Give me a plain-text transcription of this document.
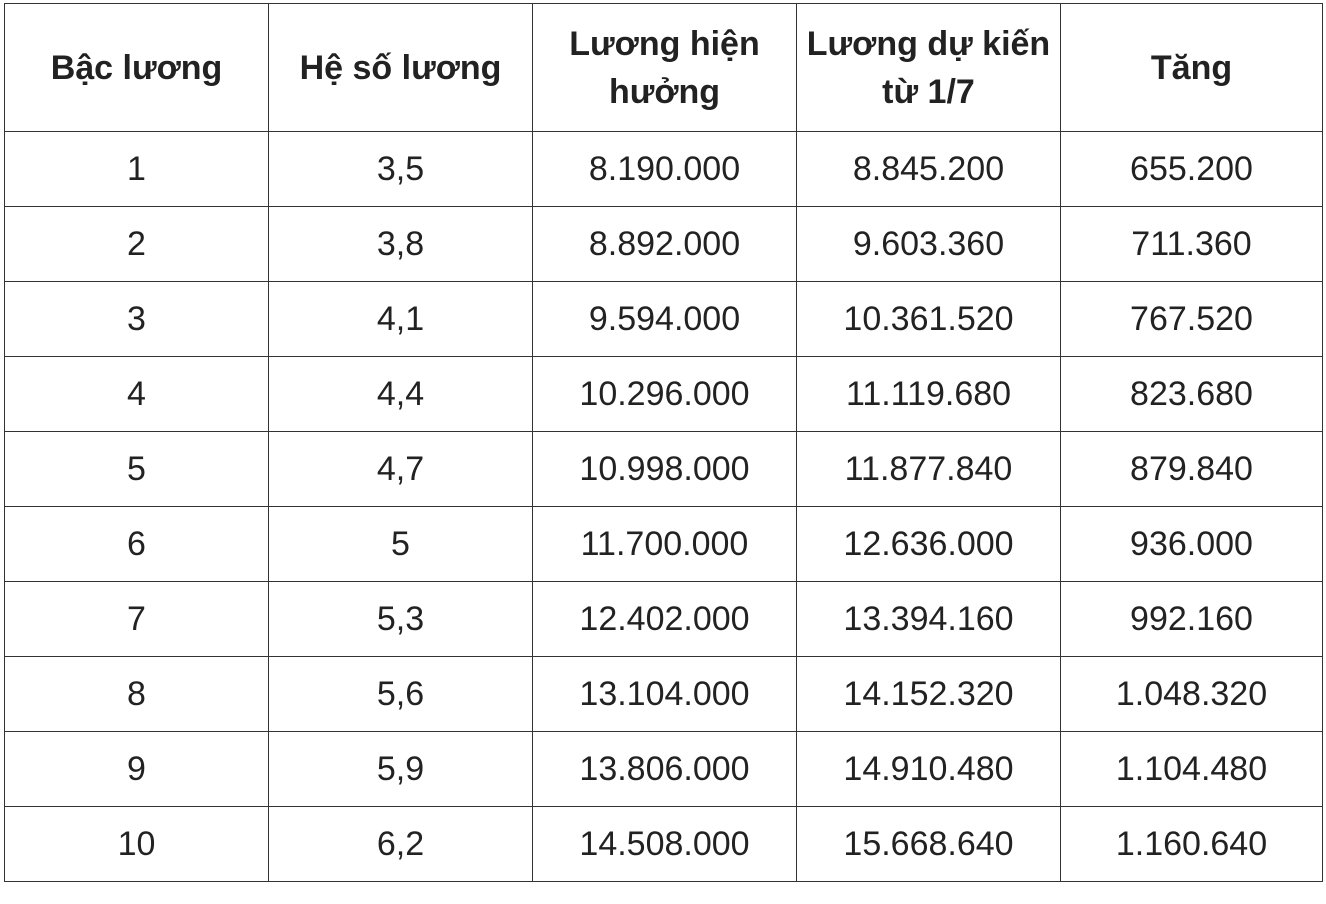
Bậc lương	Hệ số lương	Lương hiện hưởng	Lương dự kiến từ 1/7	Tăng
1	3,5	8.190.000	8.845.200	655.200
2	3,8	8.892.000	9.603.360	711.360
3	4,1	9.594.000	10.361.520	767.520
4	4,4	10.296.000	11.119.680	823.680
5	4,7	10.998.000	11.877.840	879.840
6	5	11.700.000	12.636.000	936.000
7	5,3	12.402.000	13.394.160	992.160
8	5,6	13.104.000	14.152.320	1.048.320
9	5,9	13.806.000	14.910.480	1.104.480
10	6,2	14.508.000	15.668.640	1.160.640
